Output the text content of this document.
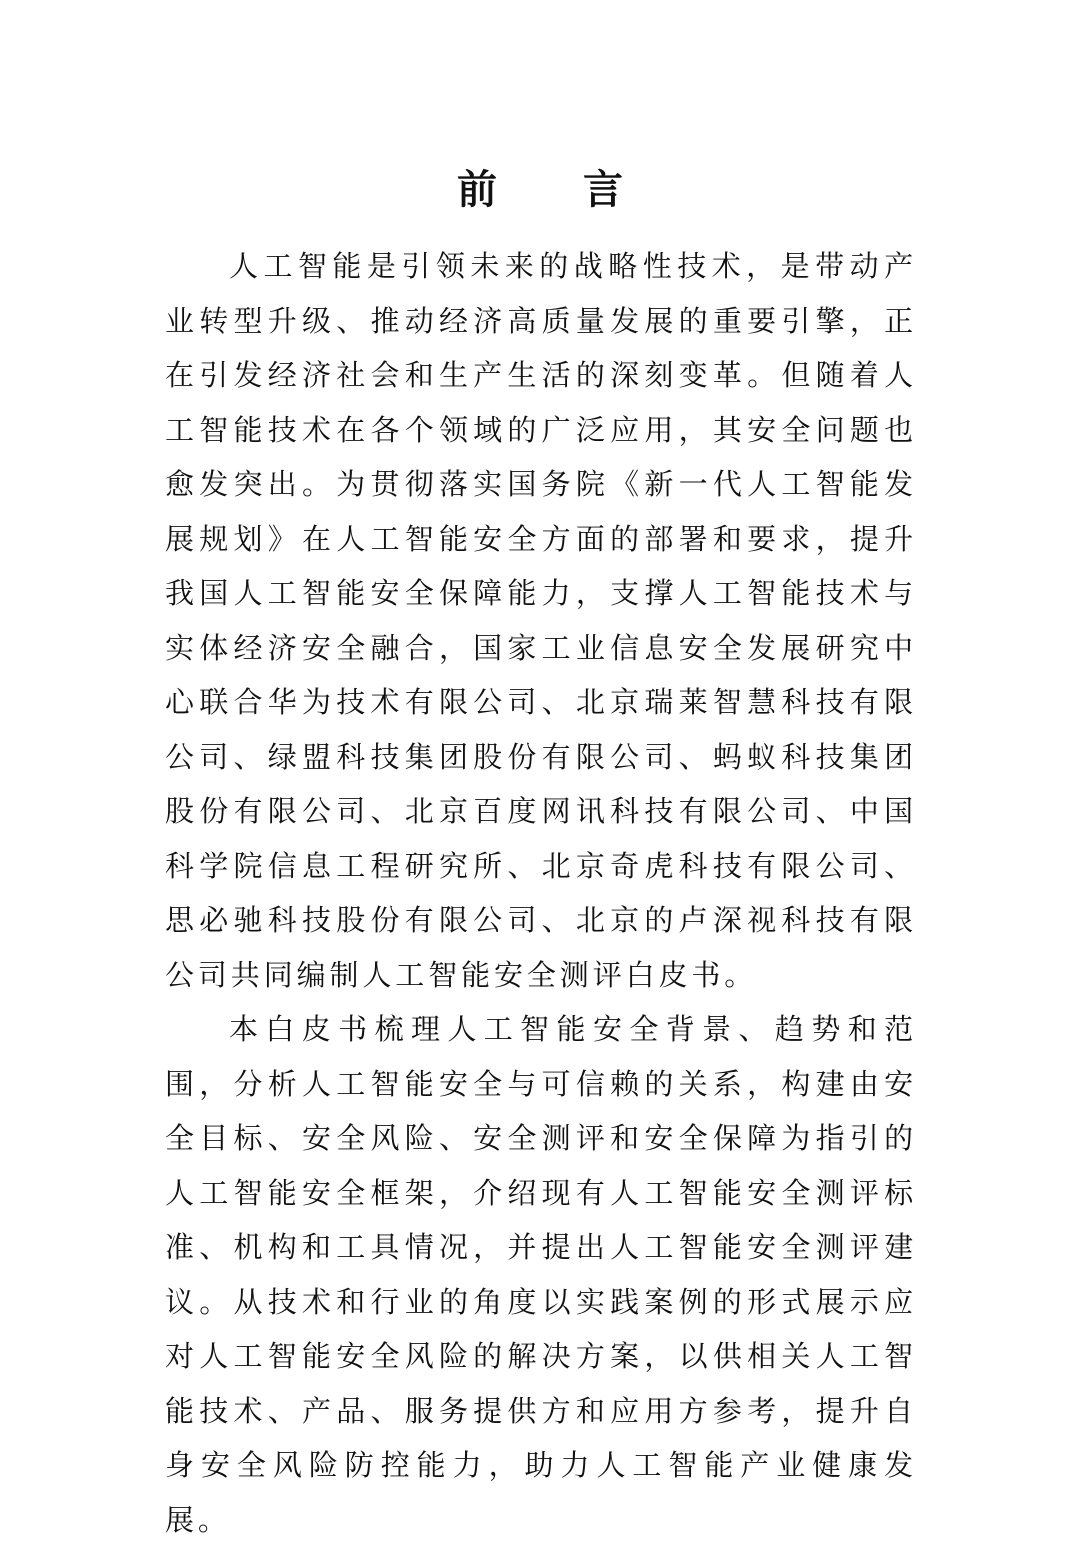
前 言

人工智能是引领未来的战略性技术，是带动产业转型升级、推动经济高质量发展的重要引擎，正在引发经济社会和生产生活的深刻变革。但随着人工智能技术在各个领域的广泛应用，其安全问题也愈发突出。为贯彻落实国务院《新一代人工智能发展规划》在人工智能安全方面的部署和要求，提升我国人工智能安全保障能力，支撑人工智能技术与实体经济安全融合，国家工业信息安全发展研究中心联合华为技术有限公司、北京瑞莱智慧科技有限公司、绿盟科技集团股份有限公司、蚂蚁科技集团股份有限公司、北京百度网讯科技有限公司、中国科学院信息工程研究所、北京奇虎科技有限公司、思必驰科技股份有限公司、北京的卢深视科技有限公司共同编制人工智能安全测评白皮书。

本白皮书梳理人工智能安全背景、趋势和范围，分析人工智能安全与可信赖的关系，构建由安全目标、安全风险、安全测评和安全保障为指引的人工智能安全框架，介绍现有人工智能安全测评标准、机构和工具情况，并提出人工智能安全测评建议。从技术和行业的角度以实践案例的形式展示应对人工智能安全风险的解决方案，以供相关人工智能技术、产品、服务提供方和应用方参考，提升自身安全风险防控能力，助力人工智能产业健康发展。
